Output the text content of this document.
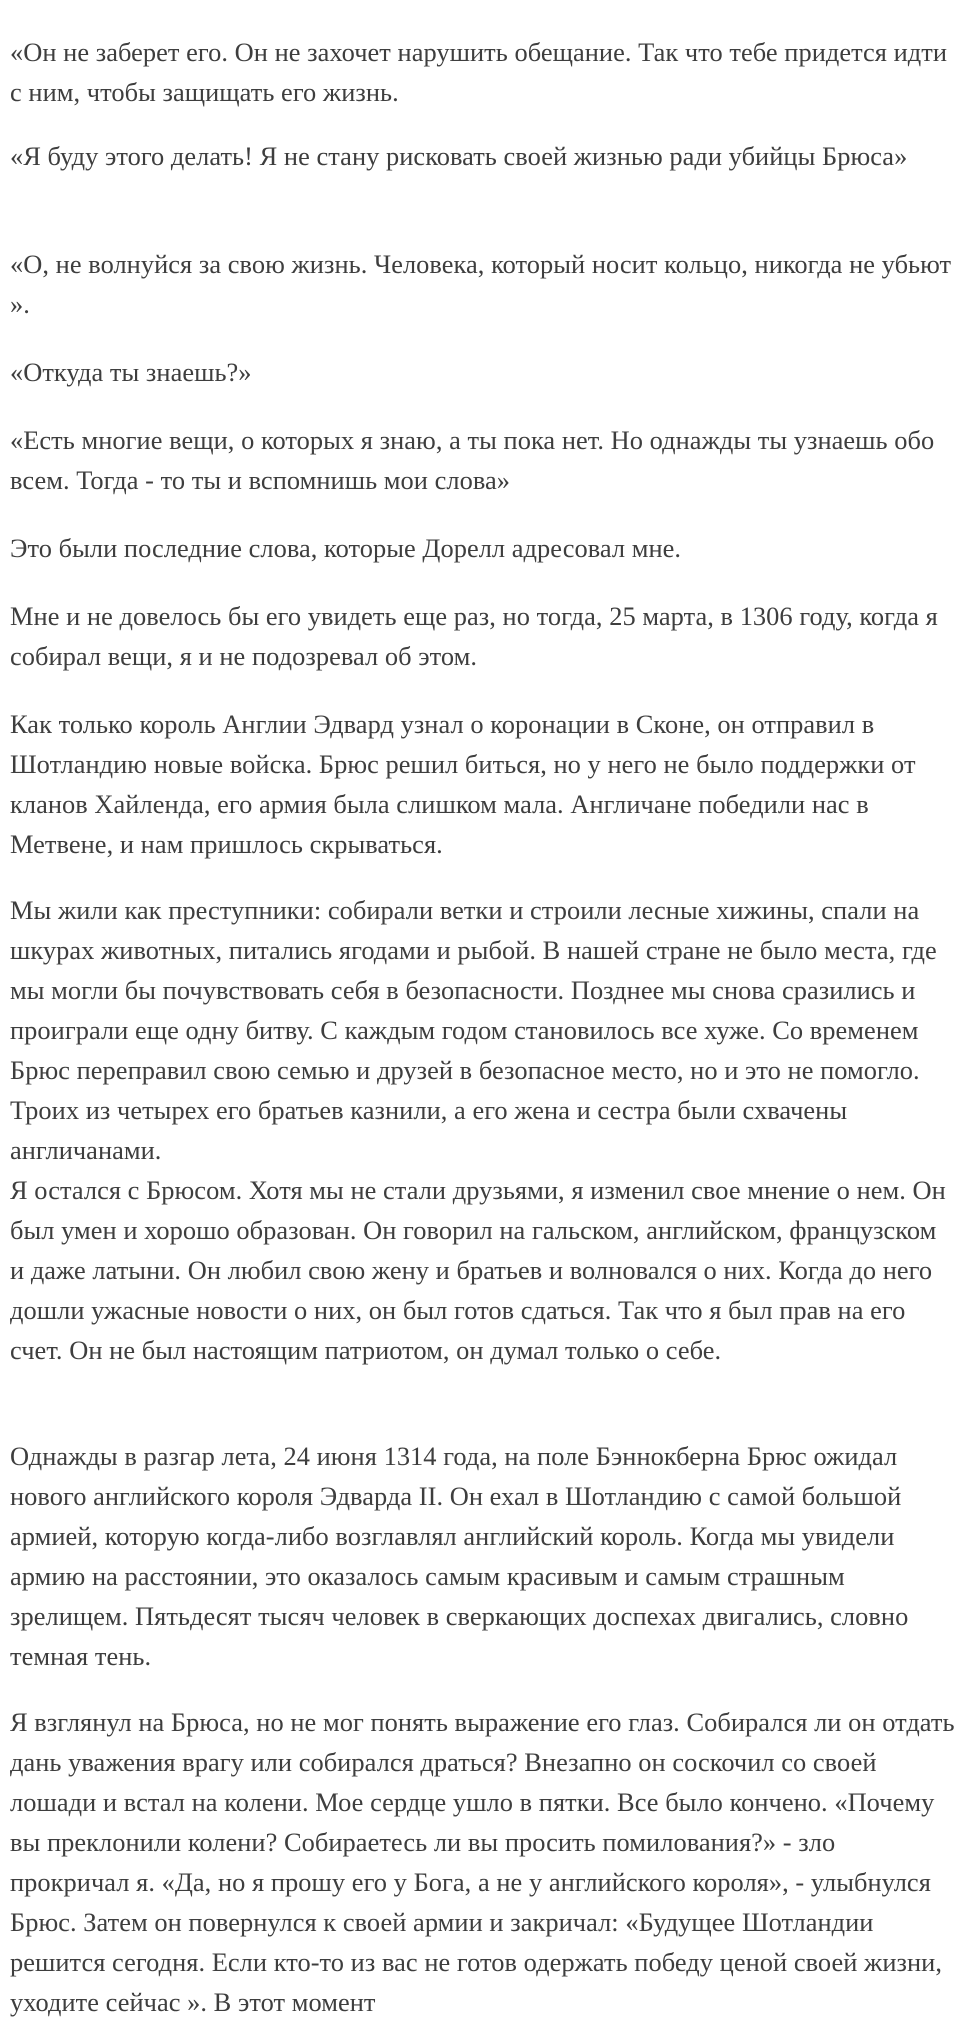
«Он не заберет его. Он не захочет нарушить обещание. Так что тебе придется идти с ним, чтобы защищать его жизнь.

«Я буду этого делать! Я не стану рисковать своей жизнью ради убийцы Брюса»

«О, не волнуйся за свою жизнь. Человека, который носит кольцо, никогда не убьют ».

«Откуда ты знаешь?»

«Есть многие вещи, о которых я знаю, а ты пока нет. Но однажды ты узнаешь обо всем. Тогда - то ты и вспомнишь мои слова»

Это были последние слова, которые Дорелл адресовал мне.

Мне и не довелось бы его увидеть еще раз, но тогда, 25 марта, в 1306 году, когда я собирал вещи, я и не подозревал об этом.

Как только король Англии Эдвард узнал о коронации в Сконе, он отправил в Шотландию новые войска. Брюс решил биться, но у него не было поддержки от кланов Хайленда, его армия была слишком мала. Англичане победили нас в Метвене, и нам пришлось скрываться.

Мы жили как преступники: собирали ветки и строили лесные хижины, спали на шкурах животных, питались ягодами и рыбой. В нашей стране не было места, где мы могли бы почувствовать себя в безопасности. Позднее мы снова сразились и проиграли еще одну битву. С каждым годом становилось все хуже. Со временем Брюс переправил свою семью и друзей в безопасное место, но и это не помогло. Троих из четырех его братьев казнили, а его жена и сестра были схвачены англичанами.

Я остался с Брюсом. Хотя мы не стали друзьями, я изменил свое мнение о нем. Он был умен и хорошо образован. Он говорил на гальском, английском, французском и даже латыни. Он любил свою жену и братьев и волновался о них. Когда до него дошли ужасные новости о них, он был готов сдаться. Так что я был прав на его счет. Он не был настоящим патриотом, он думал только о себе.

Однажды в разгар лета, 24 июня 1314 года, на поле Бэннокберна Брюс ожидал нового английского короля Эдварда II. Он ехал в Шотландию с самой большой армией, которую когда-либо возглавлял английский король. Когда мы увидели армию на расстоянии, это оказалось самым красивым и самым страшным зрелищем. Пятьдесят тысяч человек в сверкающих доспехах двигались, словно темная тень.

Я взглянул на Брюса, но не мог понять выражение его глаз. Собирался ли он отдать дань уважения врагу или собирался драться? Внезапно он соскочил со своей лошади и встал на колени. Мое сердце ушло в пятки. Все было кончено. «Почему вы преклонили колени? Собираетесь ли вы просить помилования?» - зло прокричал я. «Да, но я прошу его у Бога, а не у английского короля», - улыбнулся Брюс. Затем он повернулся к своей армии и закричал: «Будущее Шотландии решится сегодня. Если кто-то из вас не готов одержать победу ценой своей жизни, уходите сейчас ». В этот момент
